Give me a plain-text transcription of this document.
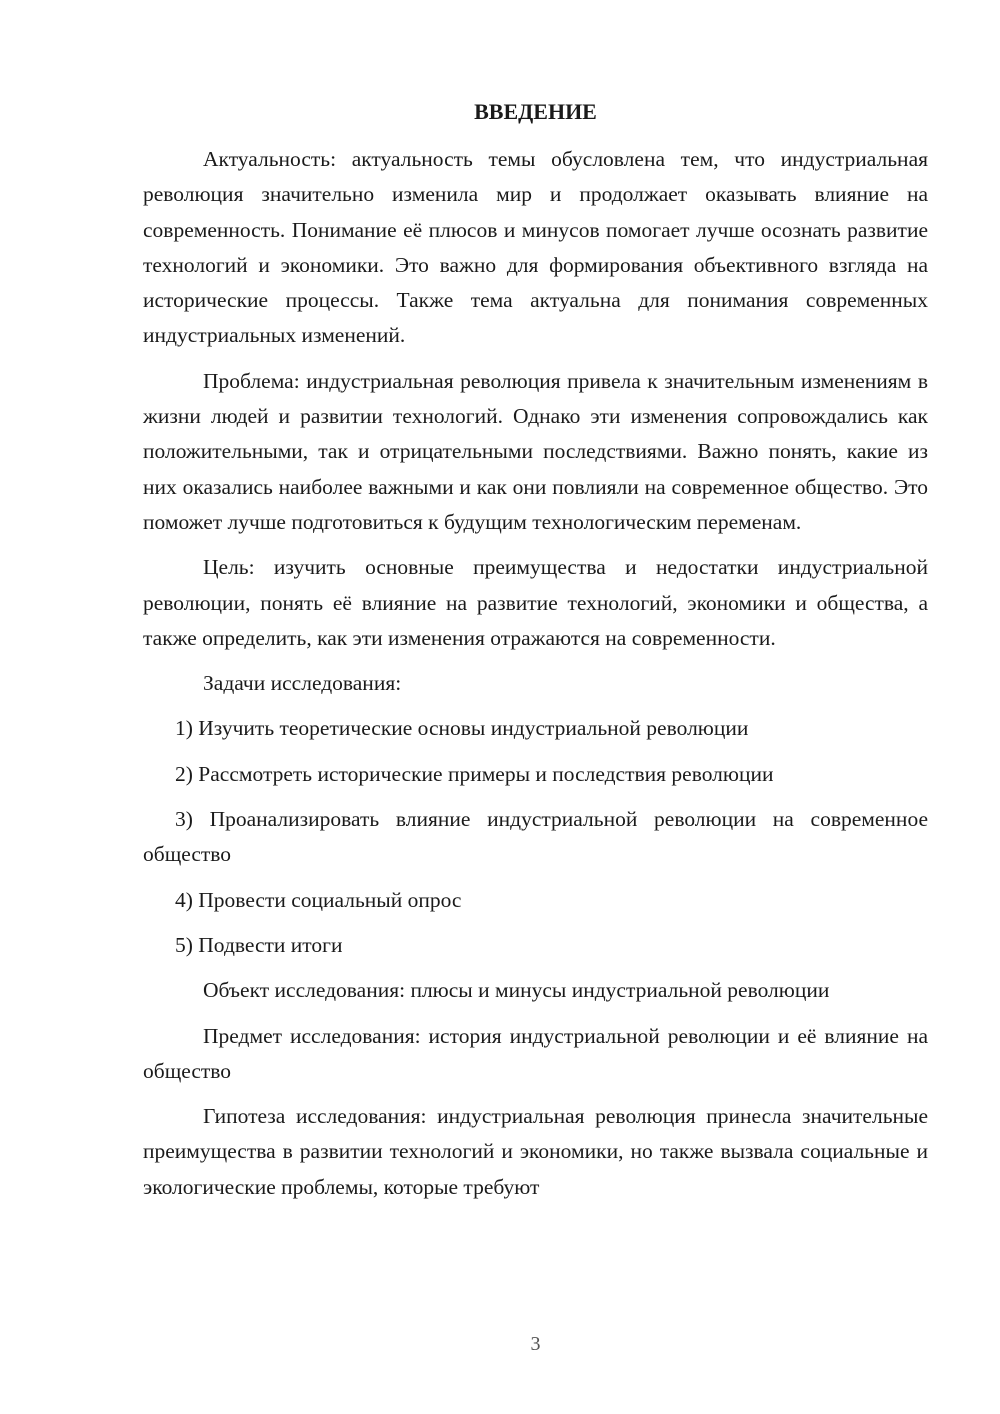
ВВЕДЕНИЕ

Актуальность: актуальность темы обусловлена тем, что индустриальная революция значительно изменила мир и продолжает оказывать влияние на современность. Понимание её плюсов и минусов помогает лучше осознать развитие технологий и экономики. Это важно для формирования объективного взгляда на исторические процессы. Также тема актуальна для понимания современных индустриальных изменений.

Проблема: индустриальная революция привела к значительным изменениям в жизни людей и развитии технологий. Однако эти изменения сопровождались как положительными, так и отрицательными последствиями. Важно понять, какие из них оказались наиболее важными и как они повлияли на современное общество. Это поможет лучше подготовиться к будущим технологическим переменам.

Цель: изучить основные преимущества и недостатки индустриальной революции, понять её влияние на развитие технологий, экономики и общества, а также определить, как эти изменения отражаются на современности.

Задачи исследования:

1) Изучить теоретические основы индустриальной революции

2) Рассмотреть исторические примеры и последствия революции

3) Проанализировать влияние индустриальной революции на современное общество

4) Провести социальный опрос

5) Подвести итоги

Объект исследования: плюсы и минусы индустриальной революции

Предмет исследования: история индустриальной революции и её влияние на общество

Гипотеза исследования: индустриальная революция принесла значительные преимущества в развитии технологий и экономики, но также вызвала социальные и экологические проблемы, которые требуют

3
